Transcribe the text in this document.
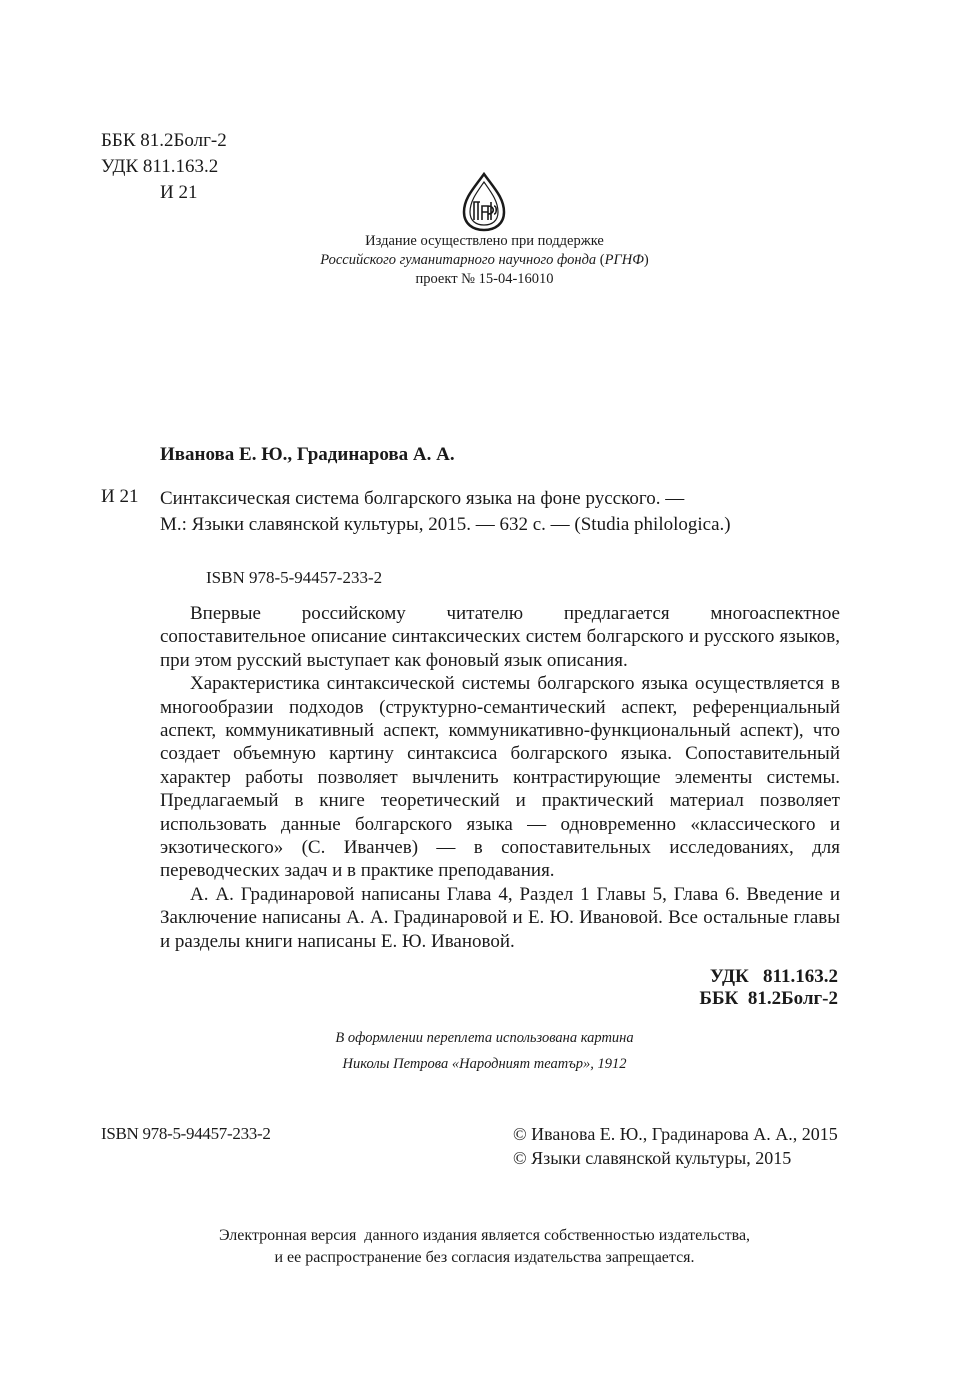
ББК 81.2Болг-2
УДК 811.163.2
И 21
Издание осуществлено при поддержке
Российского гуманитарного научного фонда (РГНФ)
проект № 15-04-16010
Иванова Е. Ю., Градинарова А. А.
И 21 Синтаксическая система болгарского языка на фоне русского. —
М.: Языки славянской культуры, 2015. — 632 с. — (Studia philologica.)
ISBN 978-5-94457-233-2

Впервые российскому читателю предлагается многоаспектное сопоставительное описание синтаксических систем болгарского и русского языков, при этом русский выступает как фоновый язык описания.

Характеристика синтаксической системы болгарского языка осуществляется в многообразии подходов (структурно-семантический аспект, референциальный аспект, коммуникативный аспект, коммуникативно-функциональный аспект), что создает объемную картину синтаксиса болгарского языка. Сопоставительный характер работы позволяет вычленить контрастирующие элементы системы. Предлагаемый в книге теоретический и практический материал позволяет использовать данные болгарского языка — одновременно «классического и экзотического» (С. Иванчев) — в сопоставительных исследованиях, для переводческих задач и в практике преподавания.

А. А. Градинаровой написаны Глава 4, Раздел 1 Главы 5, Глава 6. Введение и Заключение написаны А. А. Градинаровой и Е. Ю. Ивановой. Все остальные главы и разделы книги написаны Е. Ю. Ивановой.

УДК   811.163.2
ББК  81.2Болг-2
В оформлении переплета использована картина
Николы Петрова «Народният театър», 1912
ISBN 978-5-94457-233-2	© Иванова Е. Ю., Градинарова А. А., 2015
© Языки славянской культуры, 2015
Электронная версия  данного издания является собственностью издательства,
и ее распространение без согласия издательства запрещается.
